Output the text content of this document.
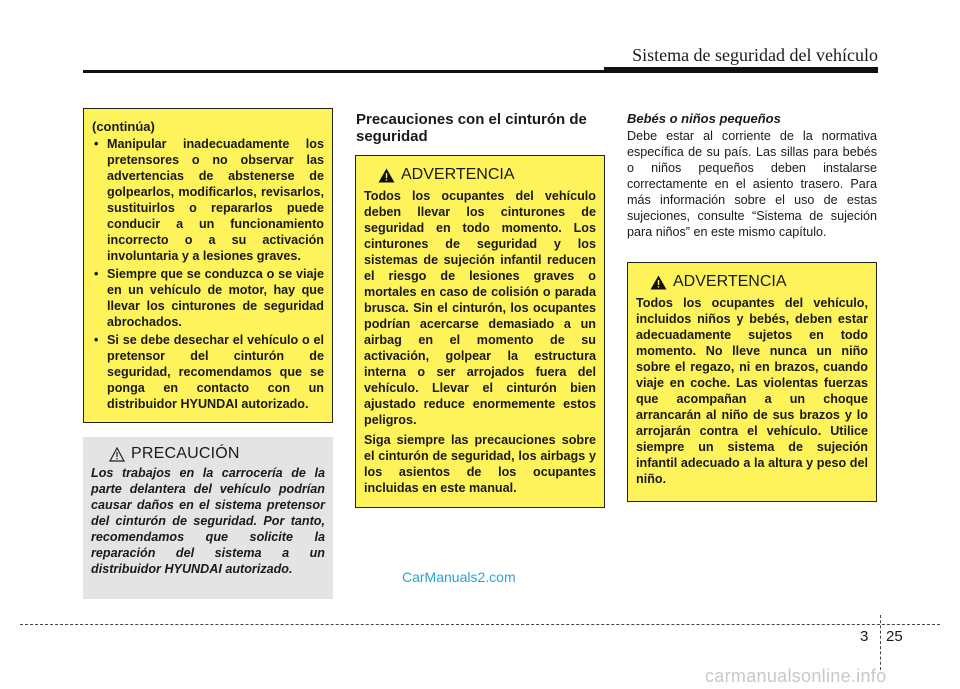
Sistema de seguridad del vehículo
(continúa)
• Manipular inadecuadamente los pretensores o no observar las advertencias de abstenerse de golpearlos, modificarlos, revisarlos, sustituirlos o repararlos puede conducir a un funcionamiento incorrecto o a su activación involuntaria y a lesiones graves.
• Siempre que se conduzca o se viaje en un vehículo de motor, hay que llevar los cinturones de seguridad abrochados.
• Si se debe desechar el vehículo o el pretensor del cinturón de seguridad, recomendamos que se ponga en contacto con un distribuidor HYUNDAI autorizado.
PRECAUCIÓN
Los trabajos en la carrocería de la parte delantera del vehículo podrían causar daños en el sistema pretensor del cinturón de seguridad. Por tanto, recomendamos que solicite la reparación del sistema a un distribuidor HYUNDAI autorizado.
Precauciones con el cinturón de seguridad
ADVERTENCIA

Todos los ocupantes del vehículo deben llevar los cinturones de seguridad en todo momento. Los cinturones de seguridad y los sistemas de sujeción infantil reducen el riesgo de lesiones graves o mortales en caso de colisión o parada brusca. Sin el cinturón, los ocupantes podrían acercarse demasiado a un airbag en el momento de su activación, golpear la estructura interna o ser arrojados fuera del vehículo. Llevar el cinturón bien ajustado reduce enormemente estos peligros.

Siga siempre las precauciones sobre el cinturón de seguridad, los airbags y los asientos de los ocupantes incluidas en este manual.

Bebés o niños pequeños
Debe estar al corriente de la normativa específica de su país. Las sillas para bebés o niños pequeños deben instalarse correctamente en el asiento trasero. Para más información sobre el uso de estas sujeciones, consulte “Sistema de sujeción para niños” en este mismo capítulo.
ADVERTENCIA

Todos los ocupantes del vehículo, incluidos niños y bebés, deben estar adecuadamente sujetos en todo momento. No lleve nunca un niño sobre el regazo, ni en brazos, cuando viaje en coche. Las violentas fuerzas que acompañan a un choque arrancarán al niño de sus brazos y lo arrojarán contra el vehículo. Utilice siempre un sistema de sujeción infantil adecuado a la altura y peso del niño.

CarManuals2.com
3 25
carmanualsonline.info
